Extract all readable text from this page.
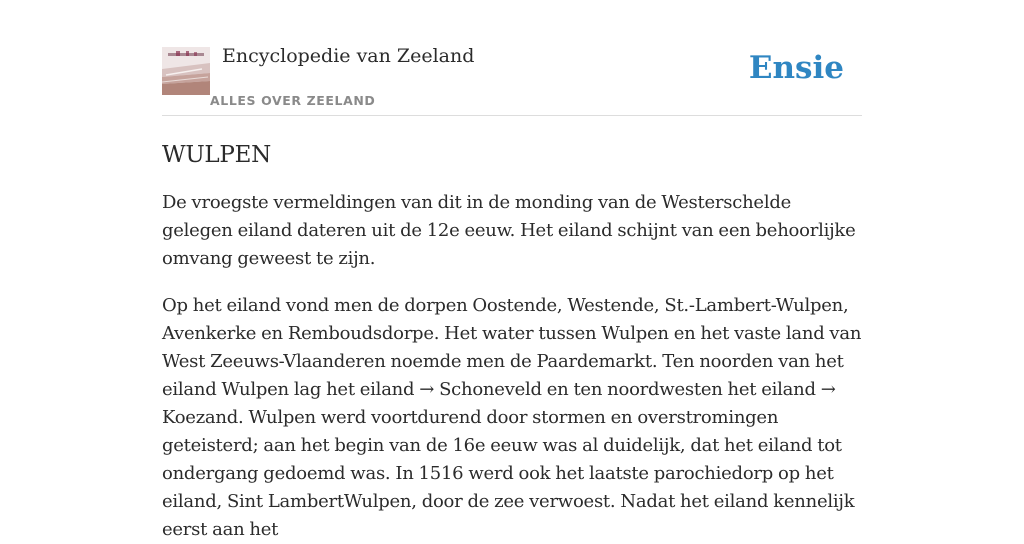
Encyclopedie van Zeeland
ALLES OVER ZEELAND
Ensie
WULPEN

De vroegste vermeldingen van dit in de monding van de Westerschelde gelegen eiland dateren uit de 12e eeuw. Het eiland schijnt van een behoorlijke omvang geweest te zijn.

Op het eiland vond men de dorpen Oostende, Westende, St.-Lambert-Wulpen, Avenkerke en Remboudsdorpe. Het water tussen Wulpen en het vaste land van West Zeeuws-Vlaanderen noemde men de Paardemarkt. Ten noorden van het eiland Wulpen lag het eiland → Schoneveld en ten noordwesten het eiland → Koezand. Wulpen werd voortdurend door stormen en overstromingen geteisterd; aan het begin van de 16e eeuw was al duidelijk, dat het eiland tot ondergang gedoemd was. In 1516 werd ook het laatste parochiedorp op het eiland, Sint LambertWulpen, door de zee verwoest. Nadat het eiland kennelijk eerst aan het
